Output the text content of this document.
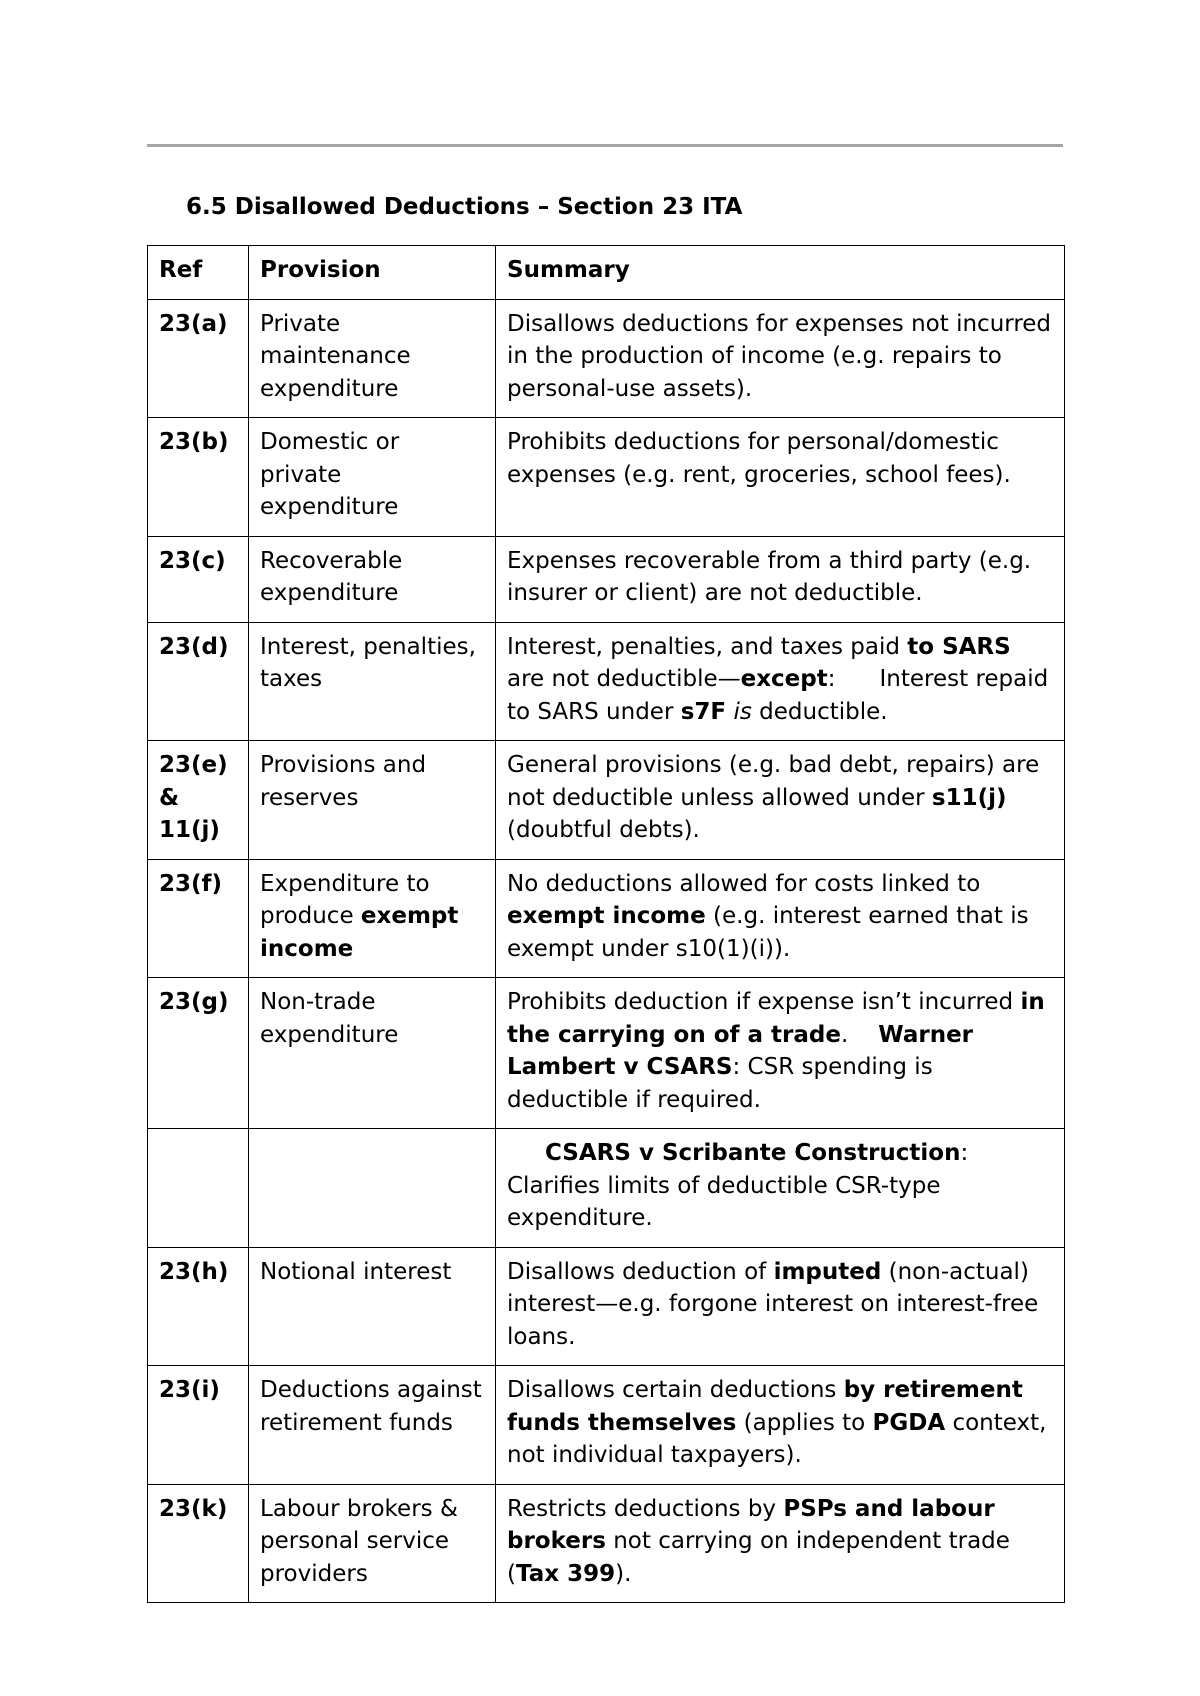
6.5 Disallowed Deductions – Section 23 ITA
Ref	Provision	Summary
23(a)	Private maintenance expenditure	Disallows deductions for expenses not incurred in the production of income (e.g. repairs to personal-use assets).
23(b)	Domestic or private expenditure	Prohibits deductions for personal/domestic expenses (e.g. rent, groceries, school fees).
23(c)	Recoverable expenditure	Expenses recoverable from a third party (e.g. insurer or client) are not deductible.
23(d)	Interest, penalties, taxes	Interest, penalties, and taxes paid to SARS are not deductible—except: Interest repaid to SARS under s7F is deductible.
23(e) & 11(j)	Provisions and reserves	General provisions (e.g. bad debt, repairs) are not deductible unless allowed under s11(j) (doubtful debts).
23(f)	Expenditure to produce exempt income	No deductions allowed for costs linked to exempt income (e.g. interest earned that is exempt under s10(1)(i)).
23(g)	Non-trade expenditure	Prohibits deduction if expense isn’t incurred in the carrying on of a trade. Warner Lambert v CSARS: CSR spending is deductible if required.
		CSARS v Scribante Construction: Clarifies limits of deductible CSR-type expenditure.
23(h)	Notional interest	Disallows deduction of imputed (non-actual) interest—e.g. forgone interest on interest-free loans.
23(i)	Deductions against retirement funds	Disallows certain deductions by retirement funds themselves (applies to PGDA context, not individual taxpayers).
23(k)	Labour brokers & personal service providers	Restricts deductions by PSPs and labour brokers not carrying on independent trade (Tax 399).
